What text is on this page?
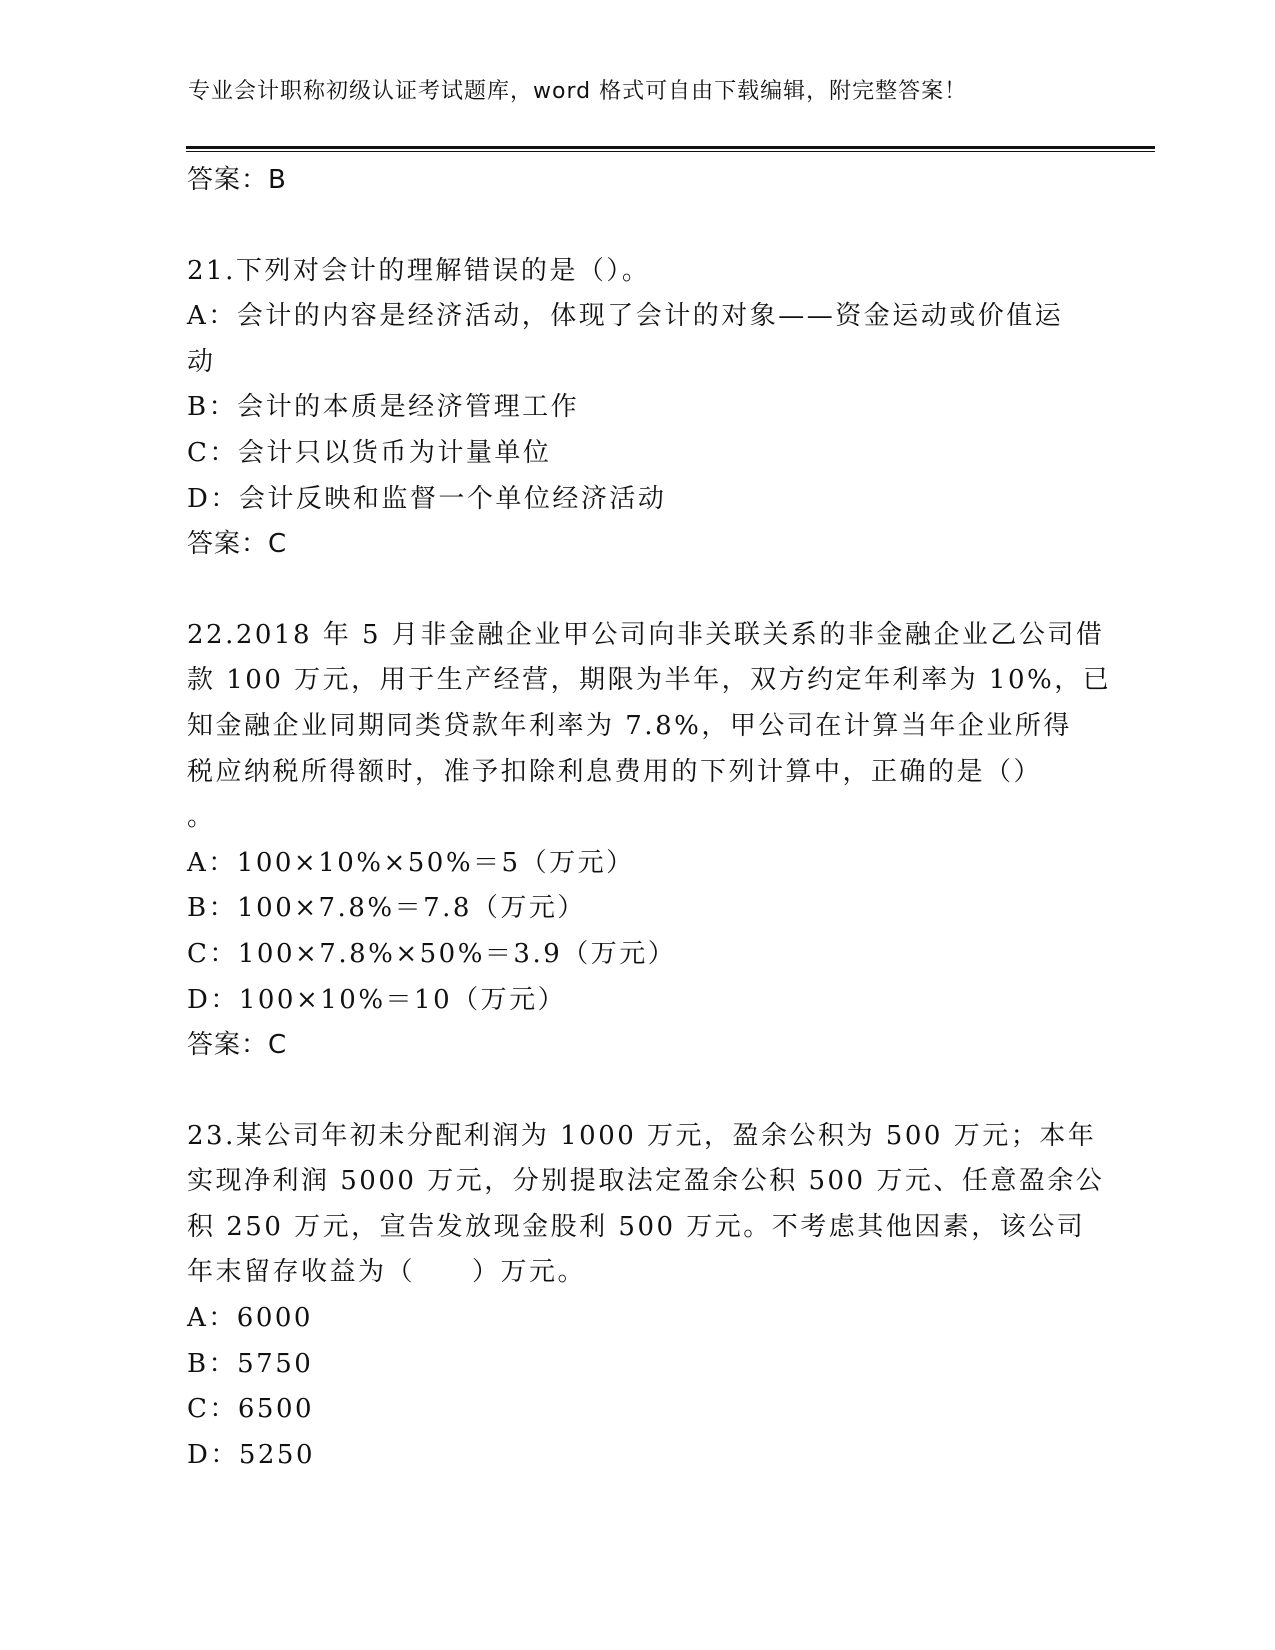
专业会计职称初级认证考试题库，word 格式可自由下载编辑，附完整答案！
答案：B
21.下列对会计的理解错误的是（）。
A：会计的内容是经济活动，体现了会计的对象——资金运动或价值运
动
B：会计的本质是经济管理工作
C：会计只以货币为计量单位
D：会计反映和监督一个单位经济活动
答案：C
22.2018 年 5 月非金融企业甲公司向非关联关系的非金融企业乙公司借
款 100 万元，用于生产经营，期限为半年，双方约定年利率为 10%，已
知金融企业同期同类贷款年利率为 7.8%，甲公司在计算当年企业所得
税应纳税所得额时，准予扣除利息费用的下列计算中，正确的是（）
。
A：100×10%×50%＝5（万元）
B：100×7.8%＝7.8（万元）
C：100×7.8%×50%＝3.9（万元）
D：100×10%＝10（万元）
答案：C
23.某公司年初未分配利润为 1000 万元，盈余公积为 500 万元；本年
实现净利润 5000 万元，分别提取法定盈余公积 500 万元、任意盈余公
积 250 万元，宣告发放现金股利 500 万元。不考虑其他因素，该公司
年末留存收益为（　　）万元。
A：6000
B：5750
C：6500
D：5250
